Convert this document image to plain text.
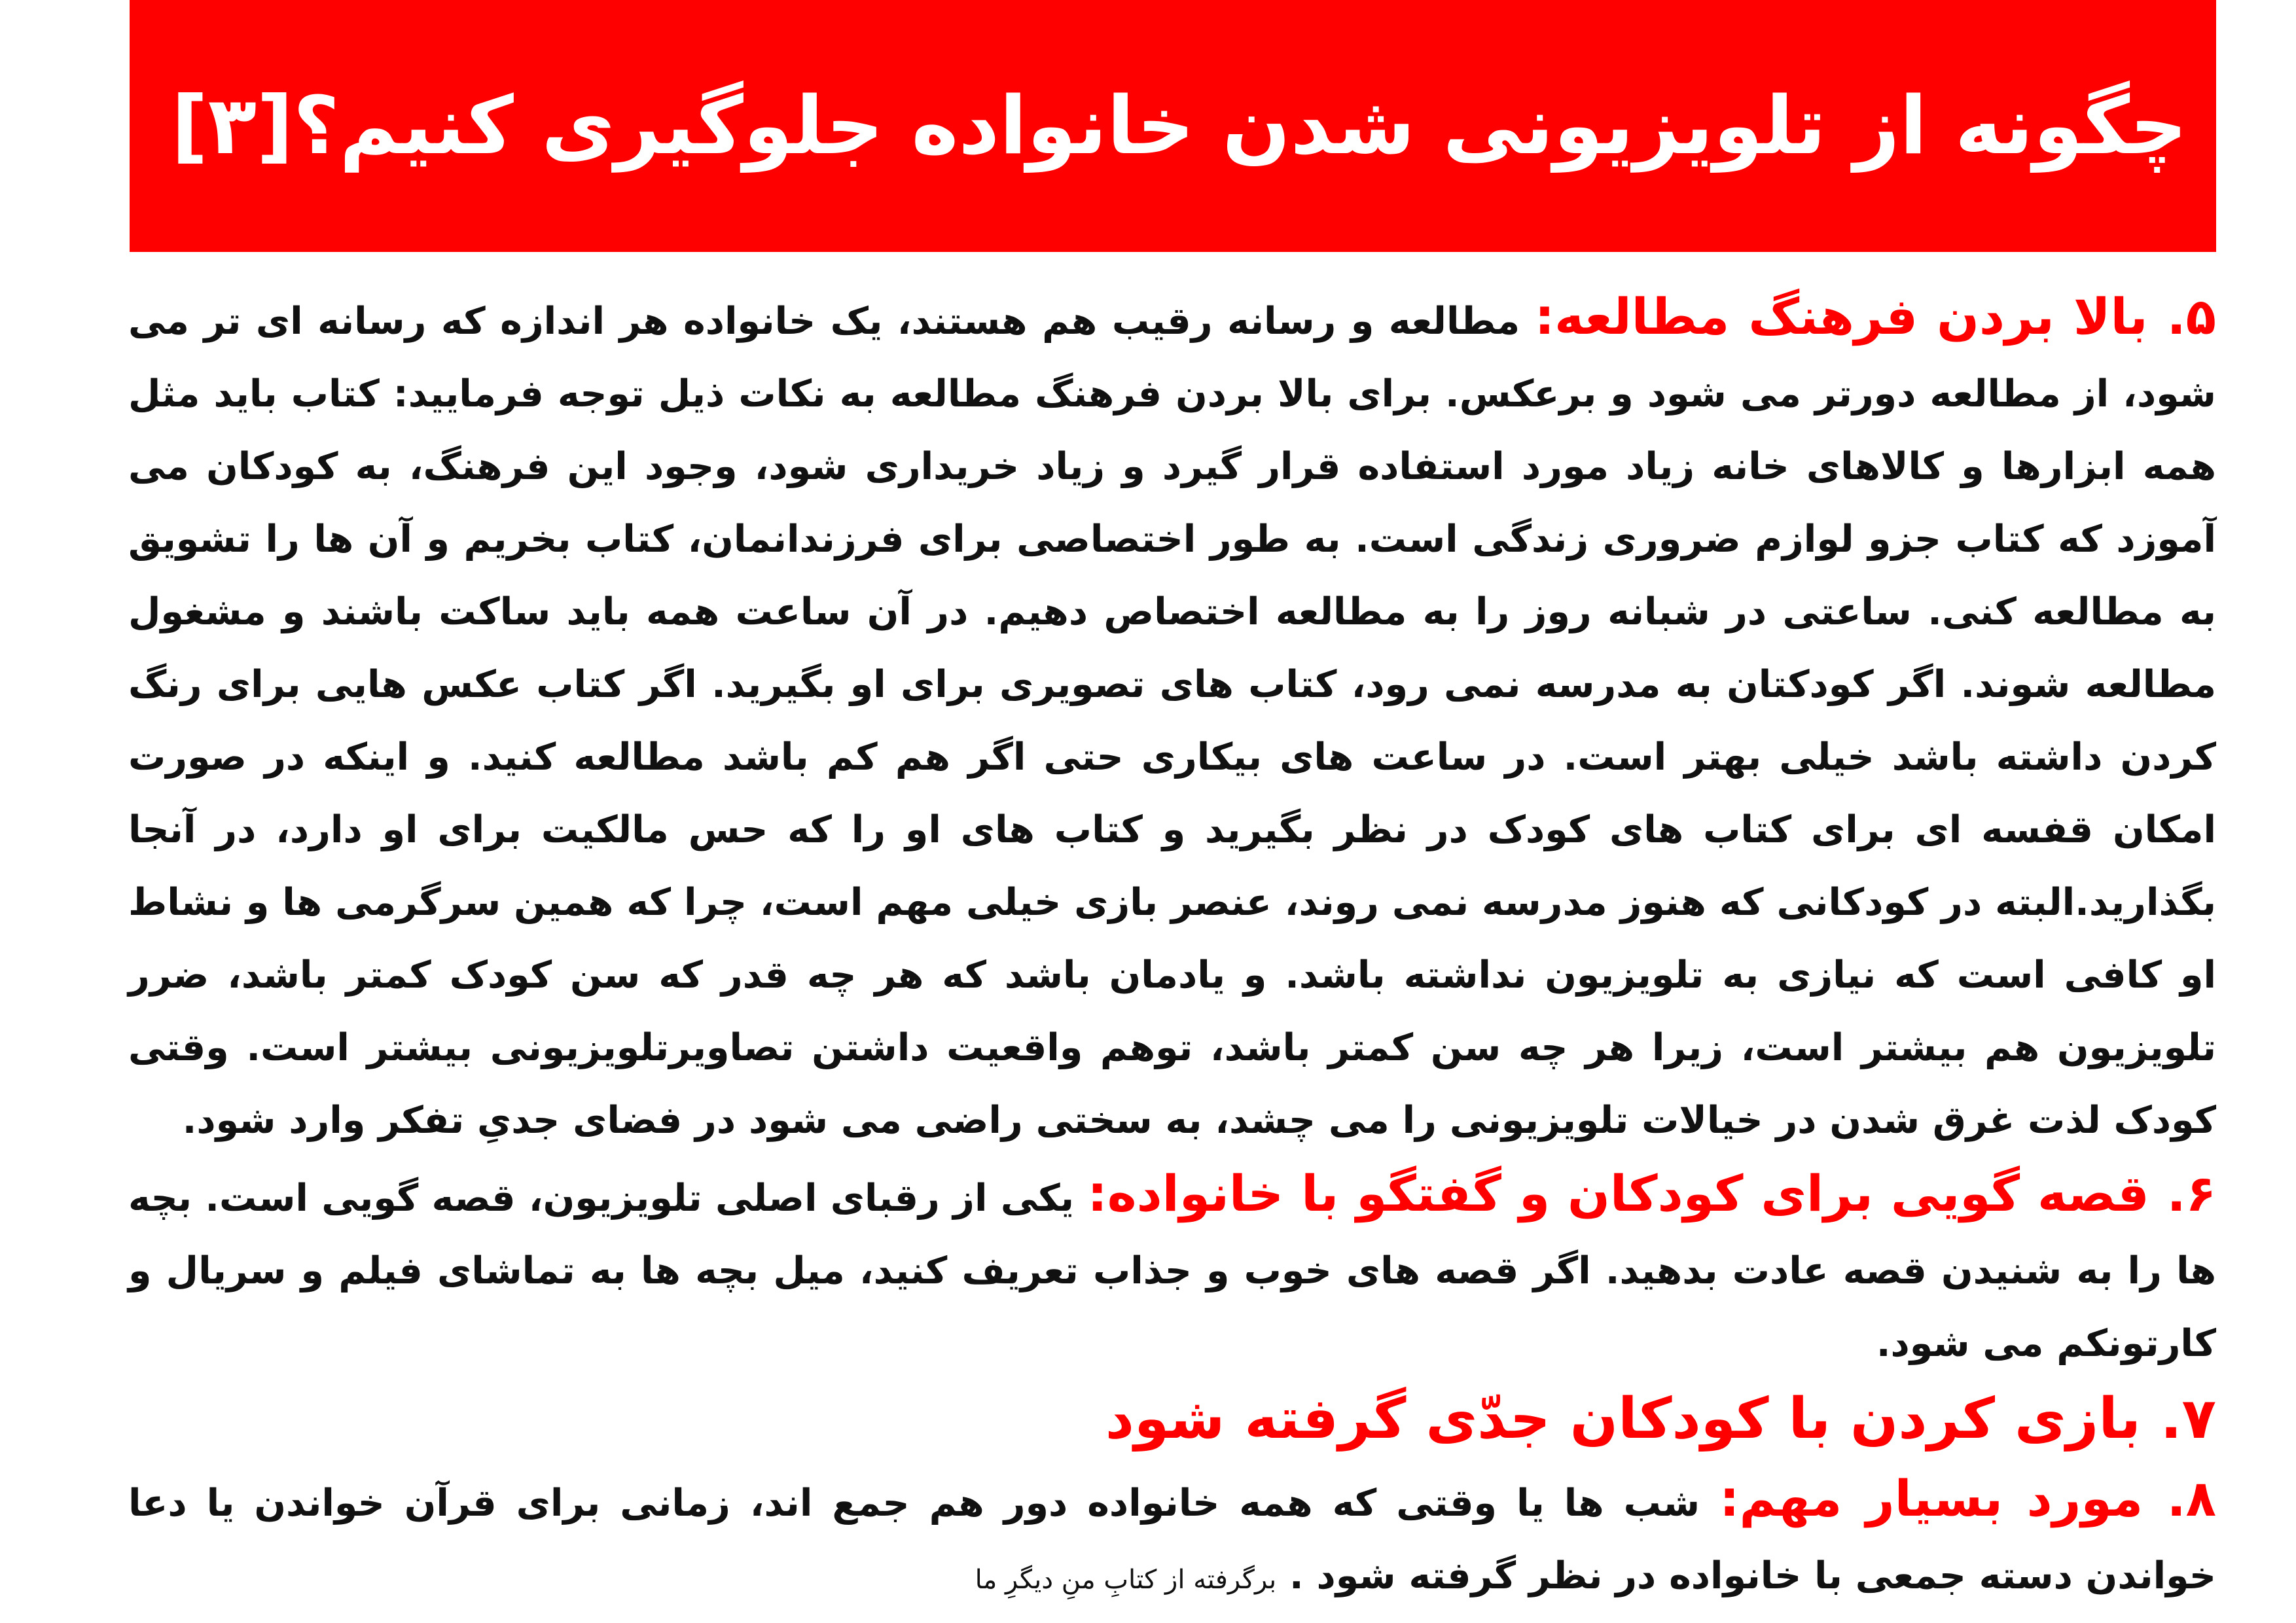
چگونه از تلویزیونی شدن خانواده جلوگیری کنیم؟[۳]

۵. بالا بردن فرهنگ مطالعه: مطالعه و رسانه رقیب هم هستند، یک خانواده هر اندازه که رسانه ای تر می شود، از مطالعه دورتر می شود و برعکس. برای بالا بردن فرهنگ مطالعه به نکات ذیل توجه فرمایید: کتاب باید مثل همه ابزارها و کالاهای خانه زیاد مورد استفاده قرار گیرد و زیاد خریداری شود، وجود این فرهنگ، به کودکان می آموزد که کتاب جزو لوازم ضروری زندگی است. به طور اختصاصی برای فرزندانمان، کتاب بخریم و آن ها را تشویق به مطالعه کنی. ساعتی در شبانه روز را به مطالعه اختصاص دهیم. در آن ساعت همه باید ساکت باشند و مشغول مطالعه شوند. اگر کودکتان به مدرسه نمی رود، کتاب های تصویری برای او بگیرید. اگر کتاب عکس هایی برای رنگ کردن داشته باشد خیلی بهتر است. در ساعت های بیکاری حتی اگر هم کم باشد مطالعه کنید. و اینکه در صورت امکان قفسه ای برای کتاب های کودک در نظر بگیرید و کتاب های او را که حس مالکیت برای او دارد، در آنجا بگذارید.البته در کودکانی که هنوز مدرسه نمی روند، عنصر بازی خیلی مهم است، چرا که همین سرگرمی ها و نشاط او کافی است که نیازی به تلویزیون نداشته باشد. و یادمان باشد که هر چه قدر که سن کودک کمتر باشد، ضرر تلویزیون هم بیشتر است، زیرا هر چه سن کمتر باشد، توهم واقعیت داشتن تصاویرتلویزیونی بیشتر است. وقتی کودک لذت غرق شدن در خیالات تلویزیونی را می چشد، به سختی راضی می شود در فضای جدیِ تفکر وارد شود.

۶. قصه گویی برای کودکان و گفتگو با خانواده: یکی از رقبای اصلی تلویزیون، قصه گویی است. بچه ها را به شنیدن قصه عادت بدهید. اگر قصه های خوب و جذاب تعریف کنید، میل بچه ها به تماشای فیلم و سریال و کارتونکم می شود.

۷. بازی کردن با کودکان جدّی گرفته شود

۸. مورد بسیار مهم: شب ها یا وقتی که همه خانواده دور هم جمع اند، زمانی برای قرآن خواندن یا دعا خواندن دسته جمعی با خانواده در نظر گرفته شود . برگرفته از کتابِ منِ دیگرِ ما
